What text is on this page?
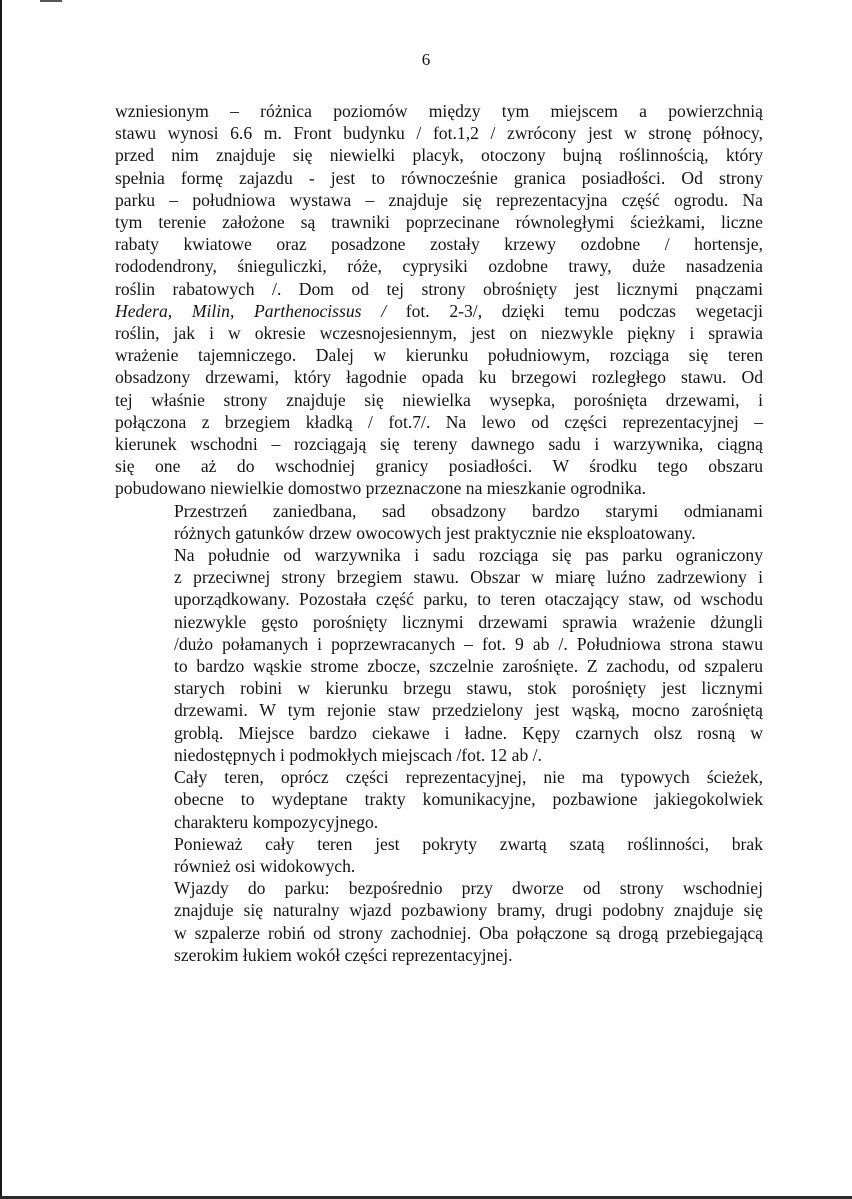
6
wzniesionym – różnica poziomów między tym miejscem a powierzchnią
stawu wynosi 6.6 m. Front budynku / fot.1,2 / zwrócony jest w stronę północy,
przed nim znajduje się niewielki placyk, otoczony bujną roślinnością, który
spełnia formę zajazdu - jest to równocześnie granica posiadłości. Od strony
parku – południowa wystawa – znajduje się reprezentacyjna część ogrodu. Na
tym terenie założone są trawniki poprzecinane równoległymi ścieżkami, liczne
rabaty kwiatowe oraz posadzone zostały krzewy ozdobne / hortensje,
rododendrony, śnieguliczki, róże, cyprysiki ozdobne trawy, duże nasadzenia
roślin rabatowych /. Dom od tej strony obrośnięty jest licznymi pnączami
Hedera, Milin, Parthenocissus / fot. 2-3/, dzięki temu podczas wegetacji
roślin, jak i w okresie wczesnojesiennym, jest on niezwykle piękny i sprawia
wrażenie tajemniczego. Dalej w kierunku południowym, rozciąga się teren
obsadzony drzewami, który łagodnie opada ku brzegowi rozległego stawu. Od
tej właśnie strony znajduje się niewielka wysepka, porośnięta drzewami, i
połączona z brzegiem kładką / fot.7/. Na lewo od części reprezentacyjnej –
kierunek wschodni – rozciągają się tereny dawnego sadu i warzywnika, ciągną
się one aż do wschodniej granicy posiadłości. W środku tego obszaru
pobudowano niewielkie domostwo przeznaczone na mieszkanie ogrodnika.
Przestrzeń zaniedbana, sad obsadzony bardzo starymi odmianami
różnych gatunków drzew owocowych jest praktycznie nie eksploatowany.
Na południe od warzywnika i sadu rozciąga się pas parku ograniczony
z przeciwnej strony brzegiem stawu. Obszar w miarę luźno zadrzewiony i
uporządkowany. Pozostała część parku, to teren otaczający staw, od wschodu
niezwykle gęsto porośnięty licznymi drzewami sprawia wrażenie dżungli
/dużo połamanych i poprzewracanych – fot. 9 ab /. Południowa strona stawu
to bardzo wąskie strome zbocze, szczelnie zarośnięte. Z zachodu, od szpaleru
starych robini w kierunku brzegu stawu, stok porośnięty jest licznymi
drzewami. W tym rejonie staw przedzielony jest wąską, mocno zarośniętą
groblą. Miejsce bardzo ciekawe i ładne. Kępy czarnych olsz rosną w
niedostępnych i podmokłych miejscach /fot. 12 ab /.
Cały teren, oprócz części reprezentacyjnej, nie ma typowych ścieżek,
obecne to wydeptane trakty komunikacyjne, pozbawione jakiegokolwiek
charakteru kompozycyjnego.
Ponieważ cały teren jest pokryty zwartą szatą roślinności, brak
również osi widokowych.
Wjazdy do parku: bezpośrednio przy dworze od strony wschodniej
znajduje się naturalny wjazd pozbawiony bramy, drugi podobny znajduje się
w szpalerze robiń od strony zachodniej. Oba połączone są drogą przebiegającą
szerokim łukiem wokół części reprezentacyjnej.
